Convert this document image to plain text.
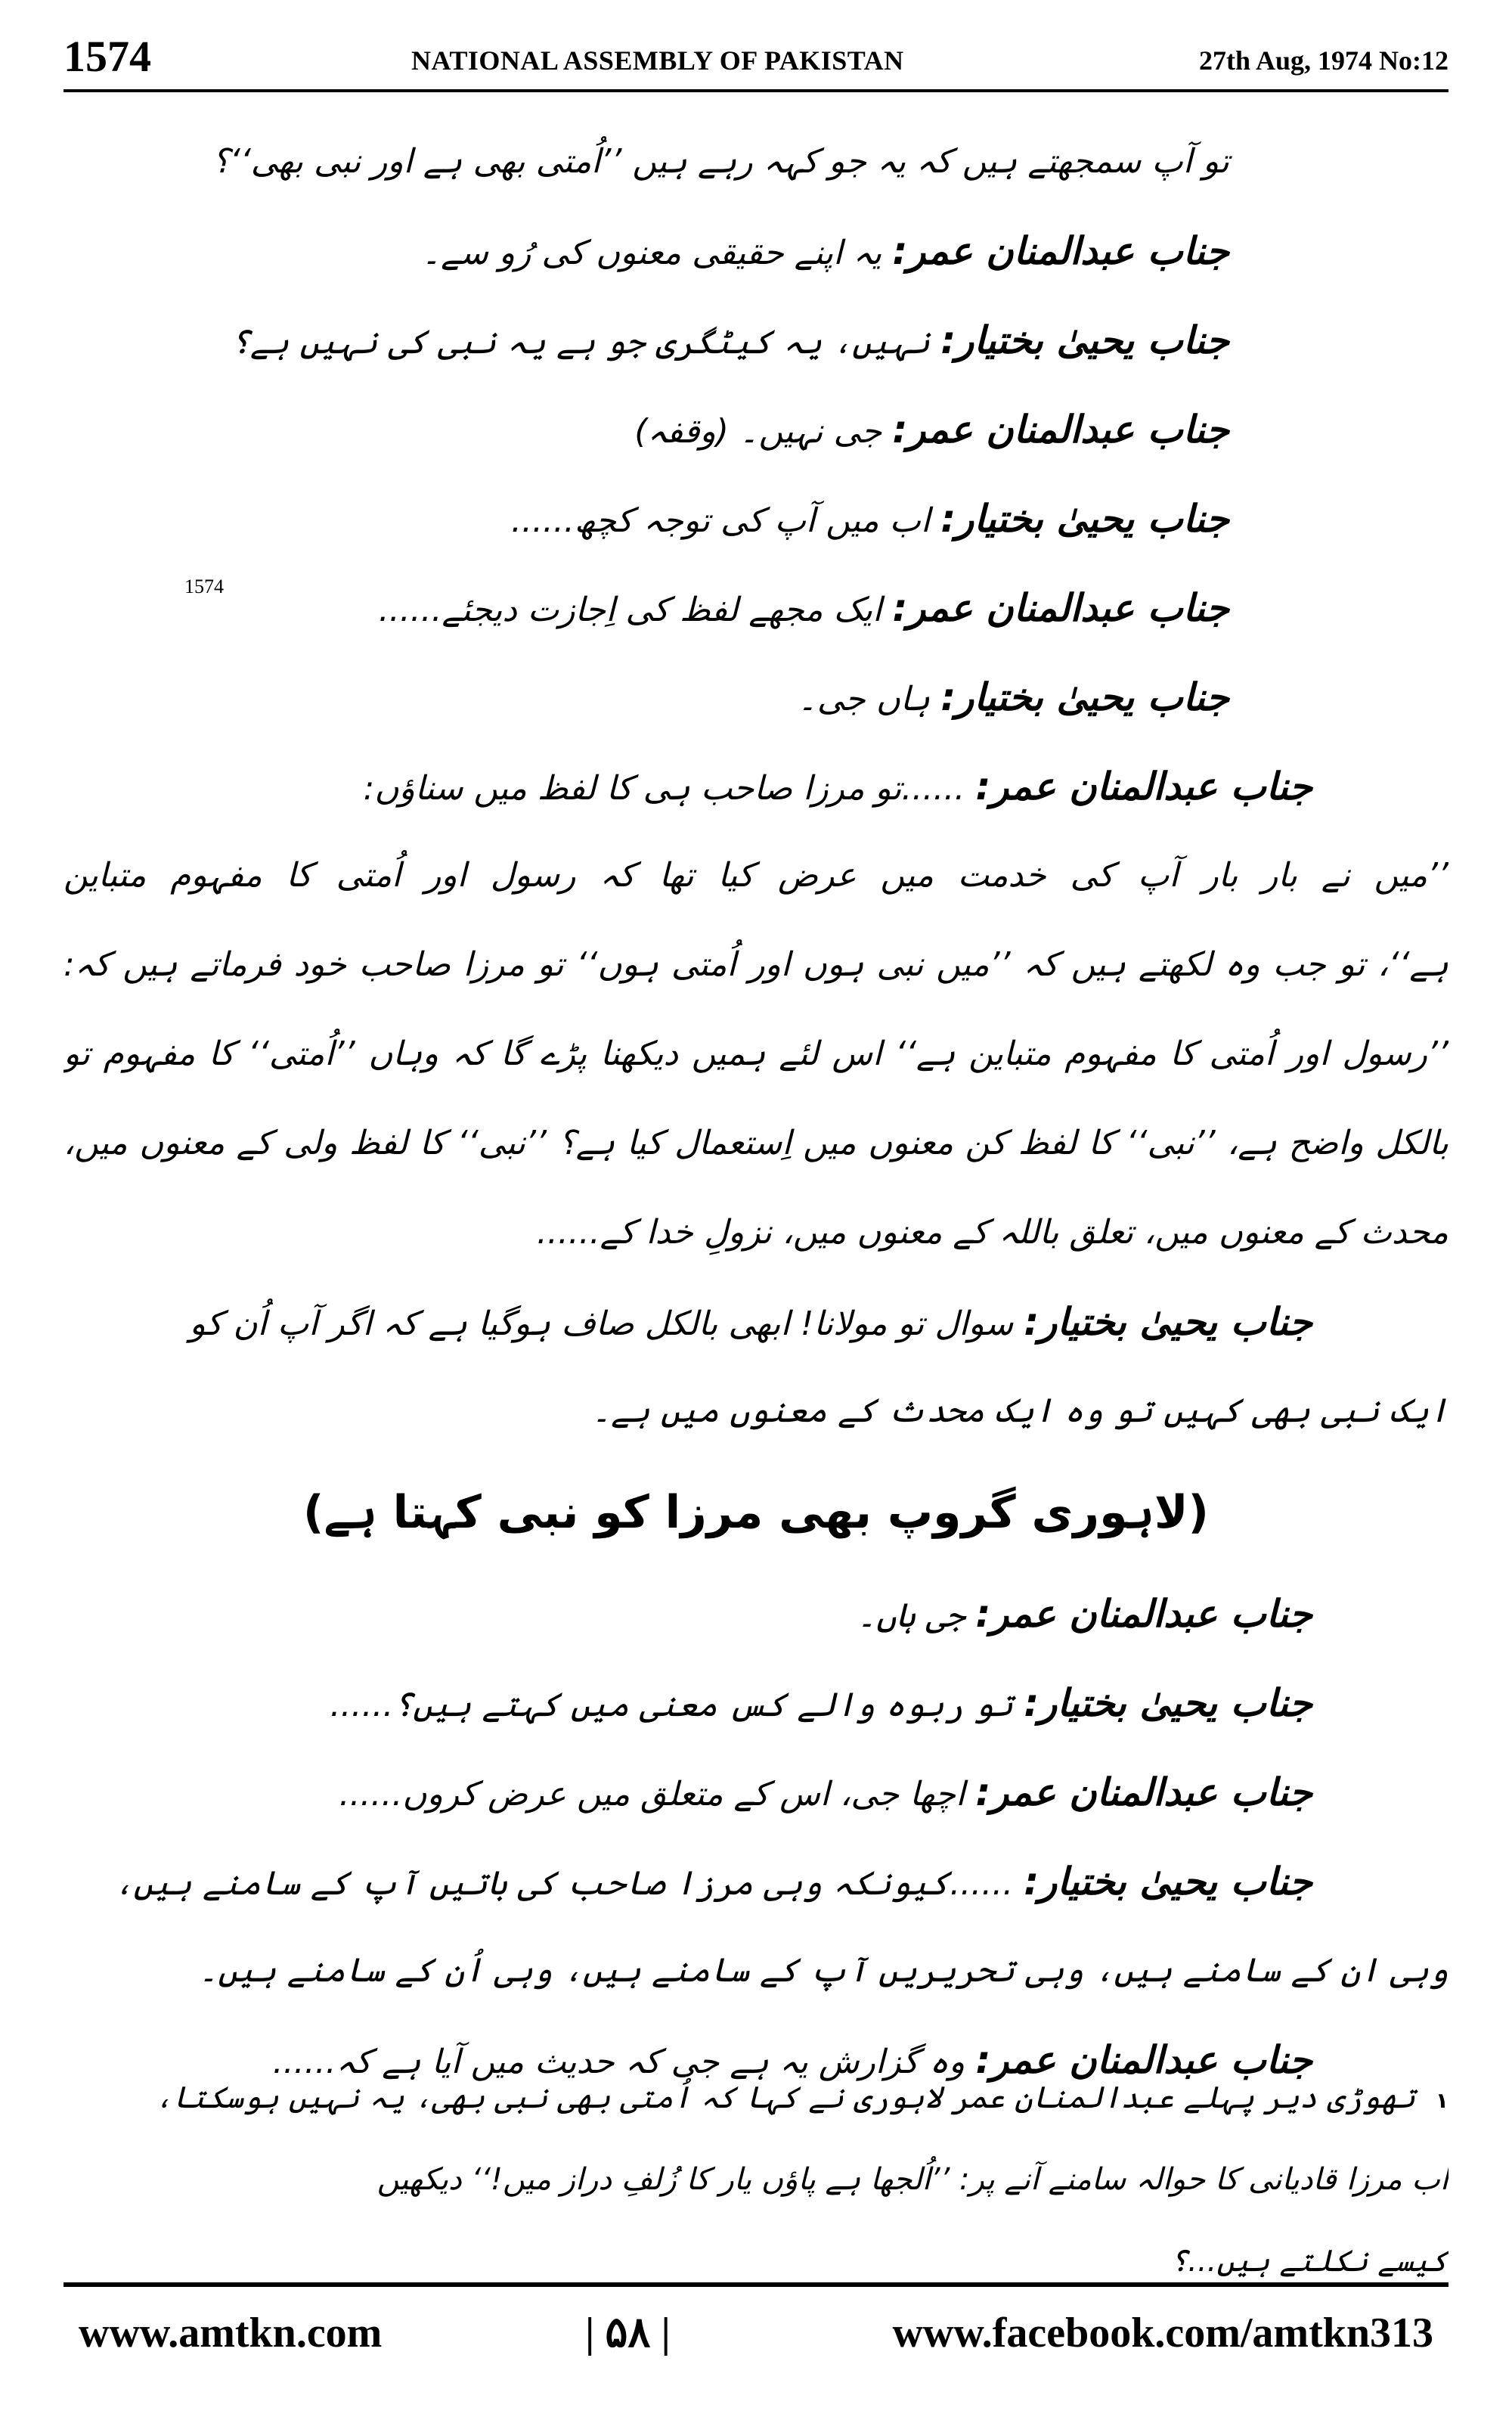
1574	NATIONAL ASSEMBLY OF PAKISTAN	27th Aug, 1974 No:12
تو آپ سمجھتے ہیں کہ یہ جو کہہ رہے ہیں ’’اُمتی بھی ہے اور نبی بھی‘‘؟
جناب عبدالمنان عمر: یہ اپنے حقیقی معنوں کی رُو سے۔
جناب یحییٰ بختیار: نہیں، یہ کیٹگری جو ہے یہ نبی کی نہیں ہے؟
جناب عبدالمنان عمر: جی نہیں۔ (وقفہ)
جناب یحییٰ بختیار: اب میں آپ کی توجہ کچھ......
1574	جناب عبدالمنان عمر: ایک مجھے لفظ کی اِجازت دیجئے......
جناب یحییٰ بختیار: ہاں جی۔
جناب عبدالمنان عمر: ......تو مرزا صاحب ہی کا لفظ میں سناؤں:
’’میں نے بار بار آپ کی خدمت میں عرض کیا تھا کہ رسول اور اُمتی کا مفہوم متباین
ہے‘‘، تو جب وہ لکھتے ہیں کہ ’’میں نبی ہوں اور اُمتی ہوں‘‘ تو مرزا صاحب خود فرماتے ہیں کہ:
’’رسول اور اُمتی کا مفہوم متباین ہے‘‘ اس لئے ہمیں دیکھنا پڑے گا کہ وہاں ’’اُمتی‘‘ کا مفہوم تو
بالکل واضح ہے، ’’نبی‘‘ کا لفظ کن معنوں میں اِستعمال کیا ہے؟ ’’نبی‘‘ کا لفظ ولی کے معنوں میں،
محدث کے معنوں میں، تعلق باللہ کے معنوں میں، نزولِ خدا کے......
جناب یحییٰ بختیار: سوال تو مولانا! ابھی بالکل صاف ہوگیا ہے کہ اگر آپ اُن کو
ایک نبی بھی کہیں تو وہ ایک محدث کے معنوں میں ہے۔
(لاہوری گروپ بھی مرزا کو نبی کہتا ہے)
جناب عبدالمنان عمر: جی ہاں۔
جناب یحییٰ بختیار: تو ربوہ والے کس معنی میں کہتے ہیں؟......
جناب عبدالمنان عمر: اچھا جی، اس کے متعلق میں عرض کروں......
جناب یحییٰ بختیار: ......کیونکہ وہی مرزا صاحب کی باتیں آپ کے سامنے ہیں،
وہی ان کے سامنے ہیں، وہی تحریریں آپ کے سامنے ہیں، وہی اُن کے سامنے ہیں۔
جناب عبدالمنان عمر: وہ گزارش یہ ہے جی کہ حدیث میں آیا ہے کہ......
۱ تھوڑی دیر پہلے عبدالمنان عمر لاہوری نے کہا کہ اُمتی بھی نبی بھی، یہ نہیں ہوسکتا،
اب مرزا قادیانی کا حوالہ سامنے آنے پر: ’’اُلجھا ہے پاؤں یار کا زُلفِ دراز میں!‘‘ دیکھیں
کیسے نکلتے ہیں...؟
www.amtkn.com	| ۵۸ |	www.facebook.com/amtkn313
